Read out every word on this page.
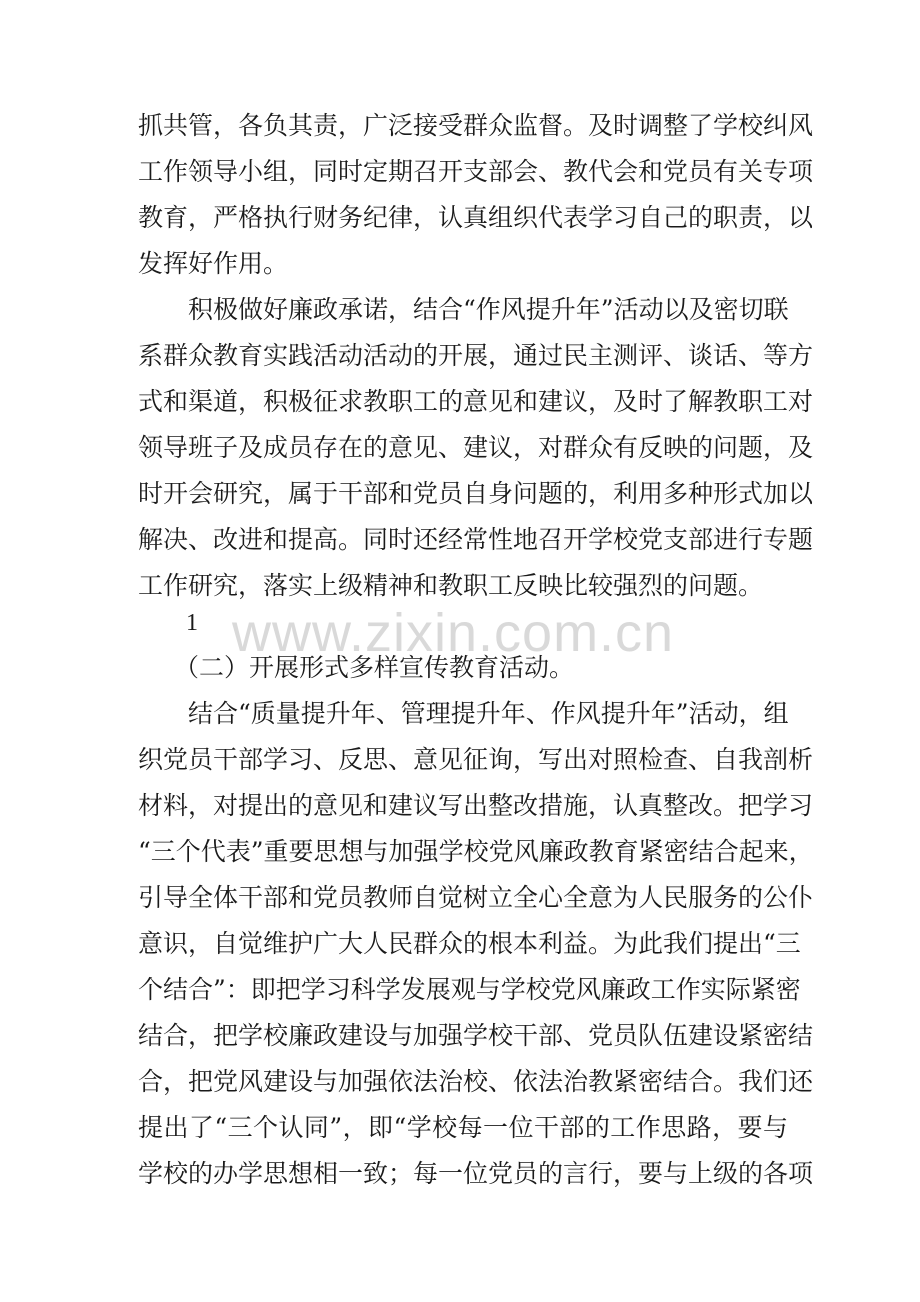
抓共管，各负其责，广泛接受群众监督。及时调整了学校纠风
工作领导小组，同时定期召开支部会、教代会和党员有关专项
教育，严格执行财务纪律，认真组织代表学习自己的职责，以
发挥好作用。
积极做好廉政承诺，结合“作风提升年”活动以及密切联
系群众教育实践活动活动的开展，通过民主测评、谈话、等方
式和渠道，积极征求教职工的意见和建议，及时了解教职工对
领导班子及成员存在的意见、建议，对群众有反映的问题，及
时开会研究，属于干部和党员自身问题的，利用多种形式加以
解决、改进和提高。同时还经常性地召开学校党支部进行专题
工作研究，落实上级精神和教职工反映比较强烈的问题。
1 www.zixin.com.cn
（二）开展形式多样宣传教育活动。
结合“质量提升年、管理提升年、作风提升年”活动，组
织党员干部学习、反思、意见征询，写出对照检查、自我剖析
材料，对提出的意见和建议写出整改措施，认真整改。把学习
“三个代表”重要思想与加强学校党风廉政教育紧密结合起来，
引导全体干部和党员教师自觉树立全心全意为人民服务的公仆
意识，自觉维护广大人民群众的根本利益。为此我们提出“三
个结合”：即把学习科学发展观与学校党风廉政工作实际紧密
结合，把学校廉政建设与加强学校干部、党员队伍建设紧密结
合，把党风建设与加强依法治校、依法治教紧密结合。我们还
提出了“三个认同”，即“学校每一位干部的工作思路，要与
学校的办学思想相一致；每一位党员的言行，要与上级的各项
